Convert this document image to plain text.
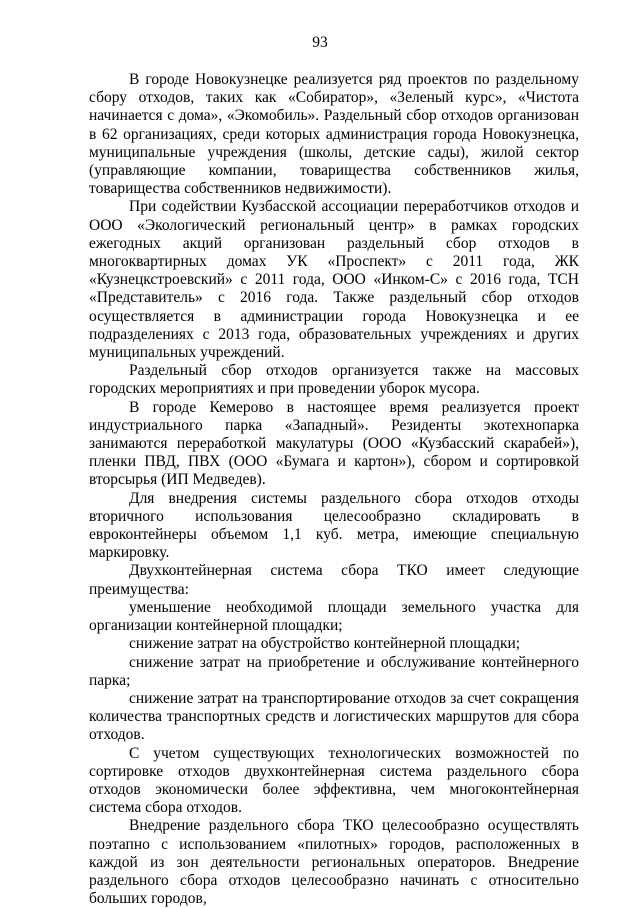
93

В городе Новокузнецке реализуется ряд проектов по раздельному сбору отходов, таких как «Собиратор», «Зеленый курс», «Чистота начинается с дома», «Экомобиль». Раздельный сбор отходов организован в 62 организациях, среди которых администрация города Новокузнецка, муниципальные учреждения (школы, детские сады), жилой сектор (управляющие компании, товарищества собственников жилья, товарищества собственников недвижимости).

При содействии Кузбасской ассоциации переработчиков отходов и ООО «Экологический региональный центр» в рамках городских ежегодных акций организован раздельный сбор отходов в многоквартирных домах УК «Проспект» с 2011 года, ЖК «Кузнецкстроевский» с 2011 года, ООО «Инком-С» с 2016 года, ТСН «Представитель» с 2016 года. Также раздельный сбор отходов осуществляется в администрации города Новокузнецка и ее подразделениях с 2013 года, образовательных учреждениях и других муниципальных учреждений.

Раздельный сбор отходов организуется также на массовых городских мероприятиях и при проведении уборок мусора.

В городе Кемерово в настоящее время реализуется проект индустриального парка «Западный». Резиденты экотехнопарка занимаются переработкой макулатуры (ООО «Кузбасский скарабей»), пленки ПВД, ПВХ (ООО «Бумага и картон»), сбором и сортировкой вторсырья (ИП Медведев).

Для внедрения системы раздельного сбора отходов отходы вторичного использования целесообразно складировать в евроконтейнеры объемом 1,1 куб. метра, имеющие специальную маркировку.

Двухконтейнерная система сбора ТКО имеет следующие преимущества:

уменьшение необходимой площади земельного участка для организации контейнерной площадки;

снижение затрат на обустройство контейнерной площадки;

снижение затрат на приобретение и обслуживание контейнерного парка;

снижение затрат на транспортирование отходов за счет сокращения количества транспортных средств и логистических маршрутов для сбора отходов.

С учетом существующих технологических возможностей по сортировке отходов двухконтейнерная система раздельного сбора отходов экономически более эффективна, чем многоконтейнерная система сбора отходов.

Внедрение раздельного сбора ТКО целесообразно осуществлять поэтапно с использованием «пилотных» городов, расположенных в каждой из зон деятельности региональных операторов. Внедрение раздельного сбора отходов целесообразно начинать с относительно больших городов,
